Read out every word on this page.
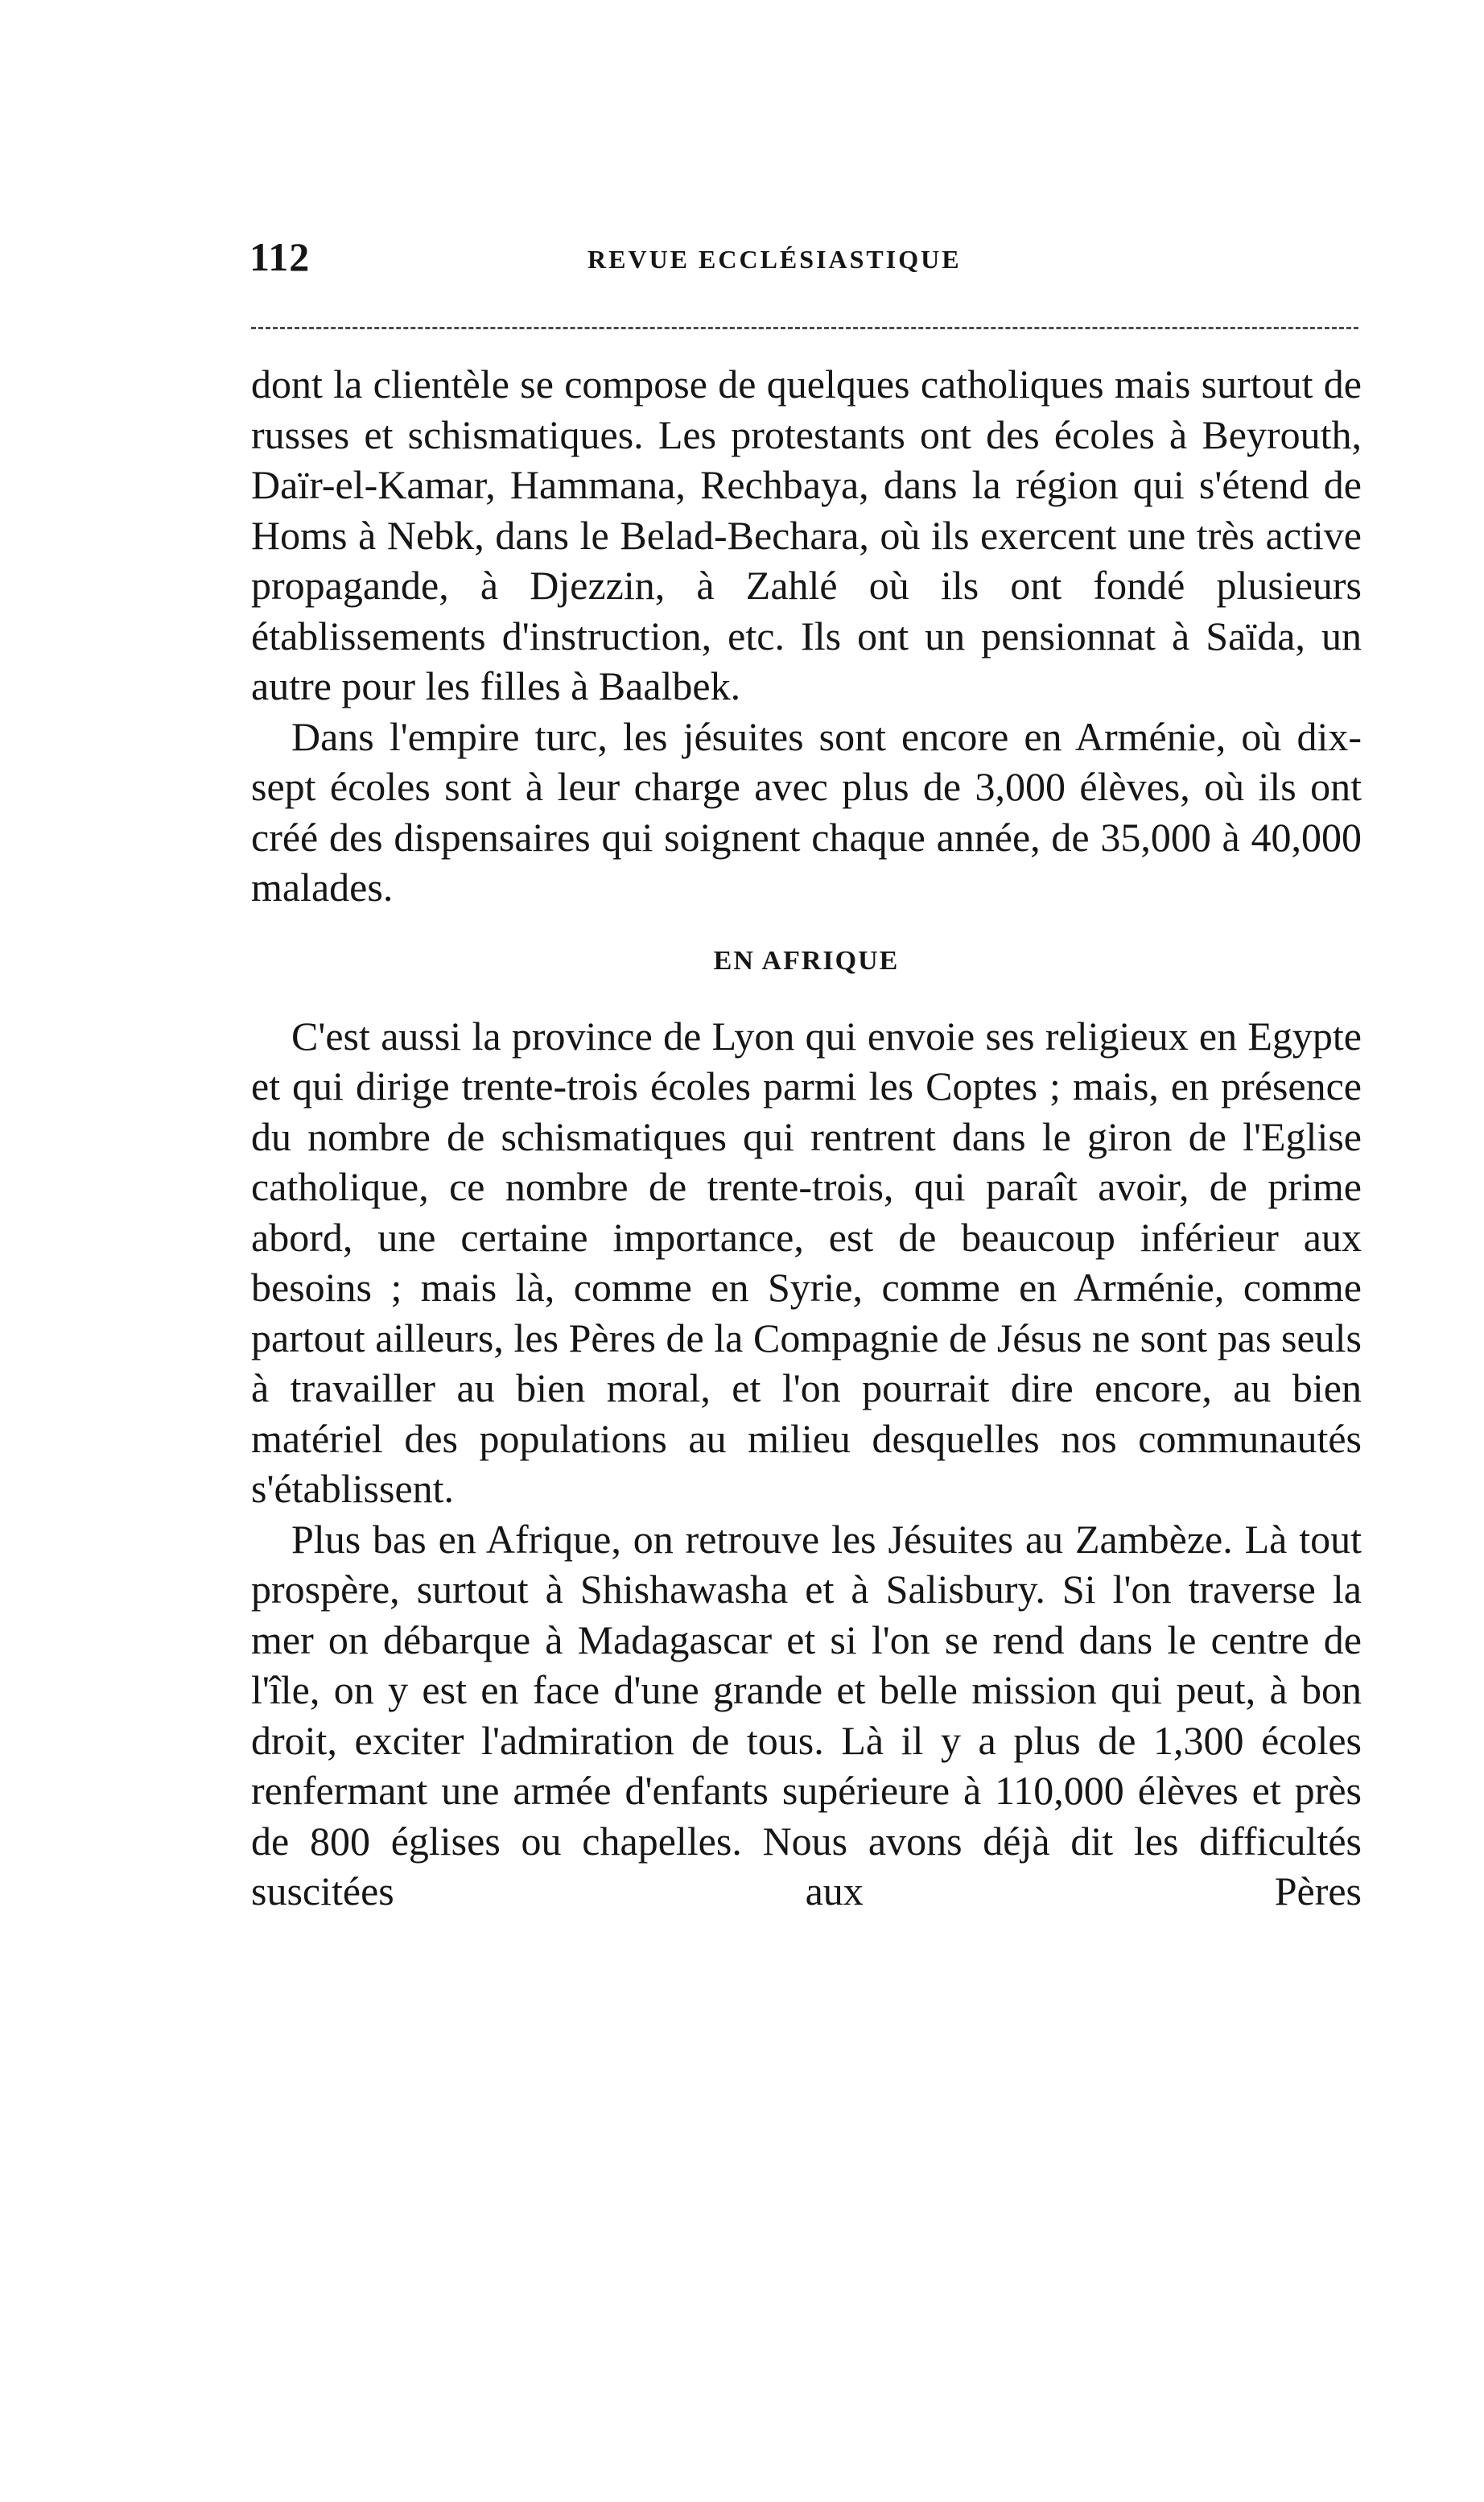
112	REVUE ECCLÉSIASTIQUE

dont la clientèle se compose de quelques catholiques mais surtout de russes et schismatiques. Les protestants ont des écoles à Beyrouth, Daïr-el-Kamar, Hammana, Rechbaya, dans la région qui s'étend de Homs à Nebk, dans le Belad-Bechara, où ils exercent une très active propagande, à Djezzin, à Zahlé où ils ont fondé plusieurs établissements d'instruction, etc. Ils ont un pensionnat à Saïda, un autre pour les filles à Baalbek.

Dans l'empire turc, les jésuites sont encore en Arménie, où dix-sept écoles sont à leur charge avec plus de 3,000 élèves, où ils ont créé des dispensaires qui soignent chaque année, de 35,000 à 40,000 malades.

EN AFRIQUE

C'est aussi la province de Lyon qui envoie ses religieux en Egypte et qui dirige trente-trois écoles parmi les Coptes ; mais, en présence du nombre de schismatiques qui rentrent dans le giron de l'Eglise catholique, ce nombre de trente-trois, qui paraît avoir, de prime abord, une certaine importance, est de beaucoup inférieur aux besoins ; mais là, comme en Syrie, comme en Arménie, comme partout ailleurs, les Pères de la Compagnie de Jésus ne sont pas seuls à travailler au bien moral, et l'on pourrait dire encore, au bien matériel des populations au milieu desquelles nos communautés s'établissent.

Plus bas en Afrique, on retrouve les Jésuites au Zambèze. Là tout prospère, surtout à Shishawasha et à Salisbury. Si l'on traverse la mer on débarque à Madagascar et si l'on se rend dans le centre de l'île, on y est en face d'une grande et belle mission qui peut, à bon droit, exciter l'admiration de tous. Là il y a plus de 1,300 écoles renfermant une armée d'enfants supérieure à 110,000 élèves et près de 800 églises ou chapelles. Nous avons déjà dit les difficultés suscitées aux Pères
